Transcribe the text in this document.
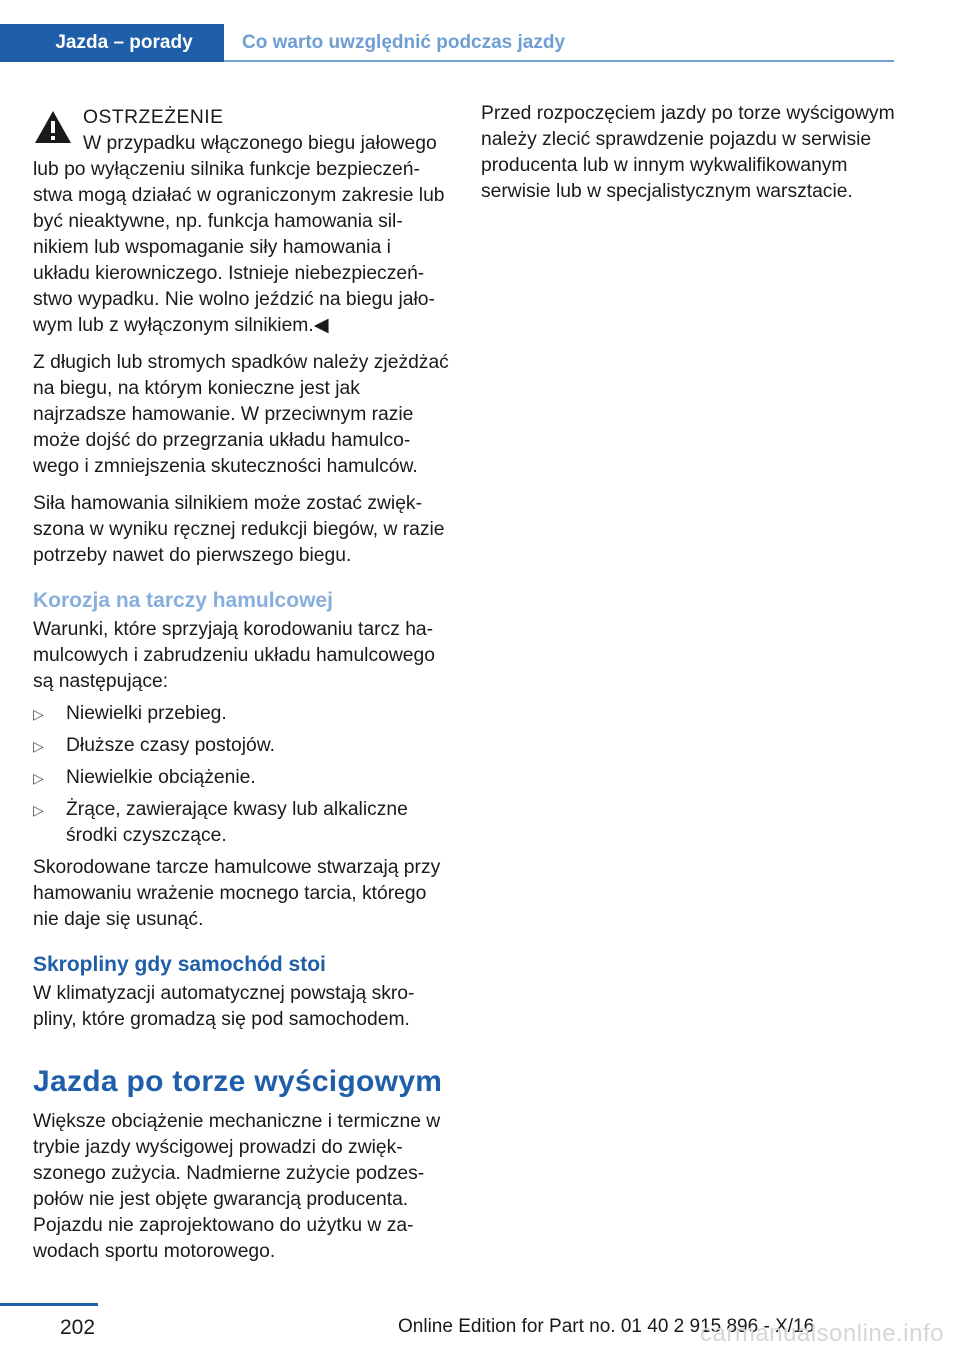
Jazda – porady	Co warto uwzględnić podczas jazdy
OSTRZEŻENIE

W przypadku włączonego biegu jałowego lub po wyłączeniu silnika funkcje bezpieczeństwa mogą działać w ograniczonym zakresie lub być nieaktywne, np. funkcja hamowania silnikiem lub wspomaganie siły hamowania i układu kierowniczego. Istnieje niebezpieczeństwo wypadku. Nie wolno jeździć na biegu jałowym lub z wyłączonym silnikiem.◀

Z długich lub stromych spadków należy zjeżdżać na biegu, na którym konieczne jest jak najrzadsze hamowanie. W przeciwnym razie może dojść do przegrzania układu hamulcowego i zmniejszenia skuteczności hamulców.

Siła hamowania silnikiem może zostać zwiększona w wyniku ręcznej redukcji biegów, w razie potrzeby nawet do pierwszego biegu.

Korozja na tarczy hamulcowej

Warunki, które sprzyjają korodowaniu tarcz hamulcowych i zabrudzeniu układu hamulcowego są następujące:

▷ Niewielki przebieg.
▷ Dłuższe czasy postojów.
▷ Niewielkie obciążenie.
▷ Żrące, zawierające kwasy lub alkaliczne środki czyszczące.

Skorodowane tarcze hamulcowe stwarzają przy hamowaniu wrażenie mocnego tarcia, którego nie daje się usunąć.

Skropliny gdy samochód stoi

W klimatyzacji automatycznej powstają skropliny, które gromadzą się pod samochodem.

Jazda po torze wyścigowym

Większe obciążenie mechaniczne i termiczne w trybie jazdy wyścigowej prowadzi do zwiększonego zużycia. Nadmierne zużycie podzespołów nie jest objęte gwarancją producenta. Pojazdu nie zaprojektowano do użytku w zawodach sportu motorowego.

Przed rozpoczęciem jazdy po torze wyścigowym należy zlecić sprawdzenie pojazdu w serwisie producenta lub w innym wykwalifikowanym serwisie lub w specjalistycznym warsztacie.

202	Online Edition for Part no. 01 40 2 915 896 - X/16
carmanualsonline.info
